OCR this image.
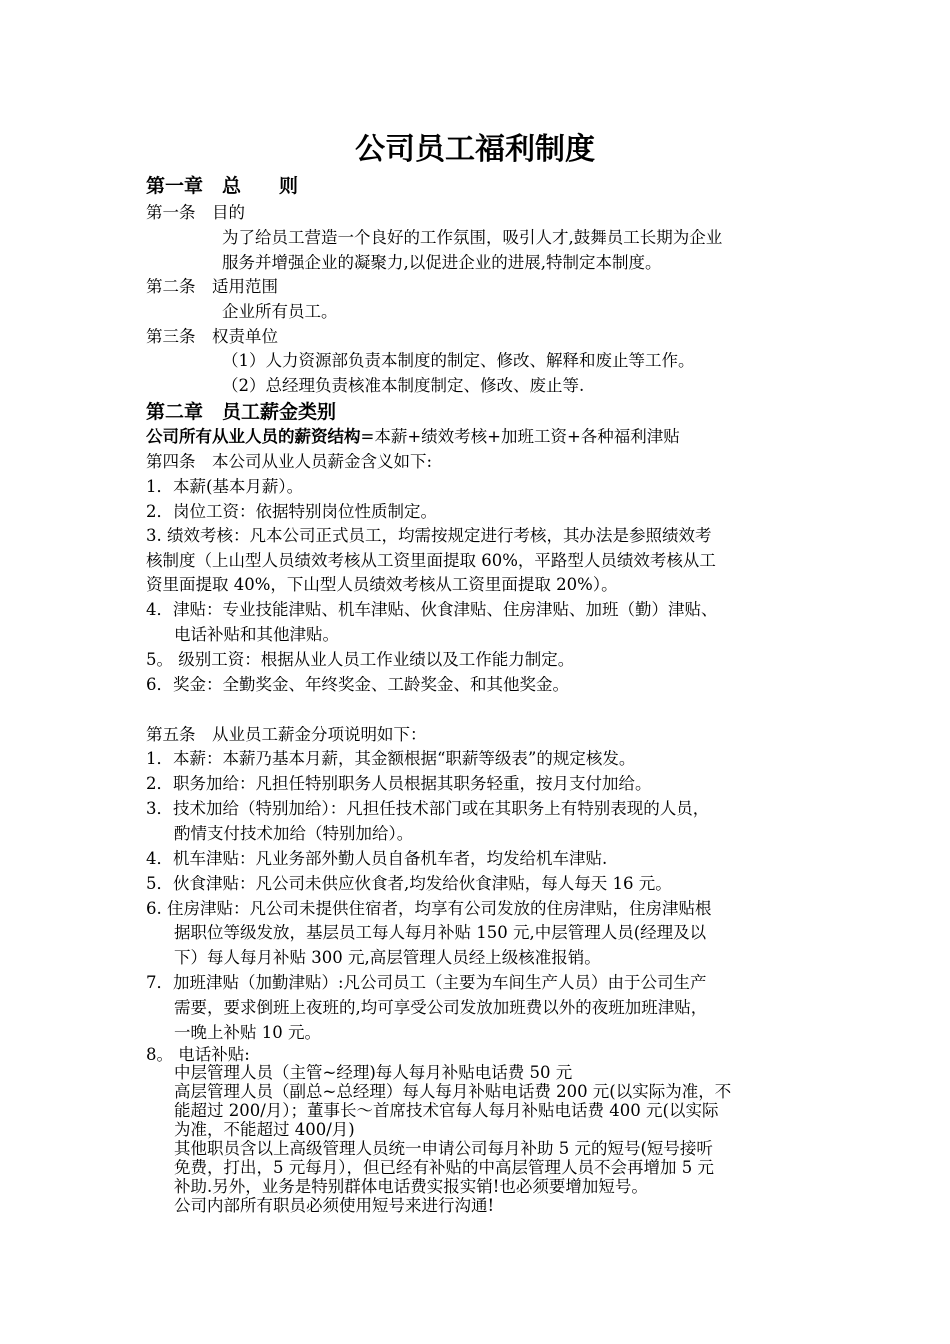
公司员工福利制度
第一章　总　　则
第一条　目的
为了给员工营造一个良好的工作氛围，吸引人才,鼓舞员工长期为企业
服务并增强企业的凝聚力,以促进企业的进展,特制定本制度。
第二条　适用范围
企业所有员工。
第三条　权责单位
（1）人力资源部负责本制度的制定、修改、解释和废止等工作。
（2）总经理负责核准本制度制定、修改、废止等.
第二章　员工薪金类别
公司所有从业人员的薪资结构=本薪+绩效考核+加班工资+各种福利津贴
第四条　本公司从业人员薪金含义如下:
1．本薪(基本月薪）。
2．岗位工资：依据特别岗位性质制定。
3. 绩效考核：凡本公司正式员工，均需按规定进行考核，其办法是参照绩效考
核制度（上山型人员绩效考核从工资里面提取 60%，平路型人员绩效考核从工
资里面提取 40%，下山型人员绩效考核从工资里面提取 20%）。
4．津贴：专业技能津贴、机车津贴、伙食津贴、住房津贴、加班（勤）津贴、
电话补贴和其他津贴。
5。 级别工资：根据从业人员工作业绩以及工作能力制定。
6．奖金：全勤奖金、年终奖金、工龄奖金、和其他奖金。
第五条　从业员工薪金分项说明如下：
1．本薪：本薪乃基本月薪，其金额根据“职薪等级表”的规定核发。
2．职务加给：凡担任特别职务人员根据其职务轻重，按月支付加给。
3．技术加给（特别加给）：凡担任技术部门或在其职务上有特别表现的人员，
酌情支付技术加给（特别加给）。
4．机车津贴：凡业务部外勤人员自备机车者，均发给机车津贴.
5．伙食津贴：凡公司未供应伙食者,均发给伙食津贴，每人每天 16 元。
6. 住房津贴：凡公司未提供住宿者，均享有公司发放的住房津贴，住房津贴根
据职位等级发放，基层员工每人每月补贴 150 元,中层管理人员(经理及以
下）每人每月补贴 300 元,高层管理人员经上级核准报销。
7．加班津贴（加勤津贴）:凡公司员工（主要为车间生产人员）由于公司生产
需要，要求倒班上夜班的,均可享受公司发放加班费以外的夜班加班津贴，
一晚上补贴 10 元。
8。 电话补贴:
中层管理人员（主管~经理)每人每月补贴电话费 50 元
高层管理人员（副总~总经理）每人每月补贴电话费 200 元(以实际为准，不
能超过 200/月）；董事长～首席技术官每人每月补贴电话费 400 元(以实际
为准，不能超过 400/月)
其他职员含以上高级管理人员统一申请公司每月补助 5 元的短号(短号接听
免费，打出，5 元每月），但已经有补贴的中高层管理人员不会再增加 5 元
补助.另外，业务是特别群体电话费实报实销!也必须要增加短号。
公司内部所有职员必须使用短号来进行沟通!
